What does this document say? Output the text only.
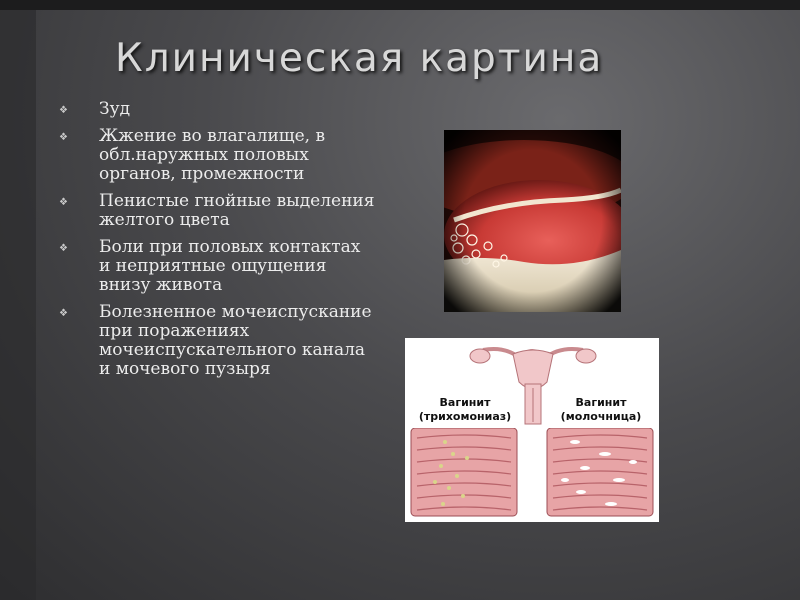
Клиническая картина
❖	Зуд
❖	Жжение во влагалище, в обл.наружных половых органов, промежности
❖	Пенистые гнойные выделения желтого цвета
❖	Боли при половых контактах и неприятные ощущения внизу живота
❖	Болезненное мочеиспускание при поражениях мочеиспускательного канала и мочевого пузыря
Вагинит
(трихомониаз)
Вагинит
(молочница)
